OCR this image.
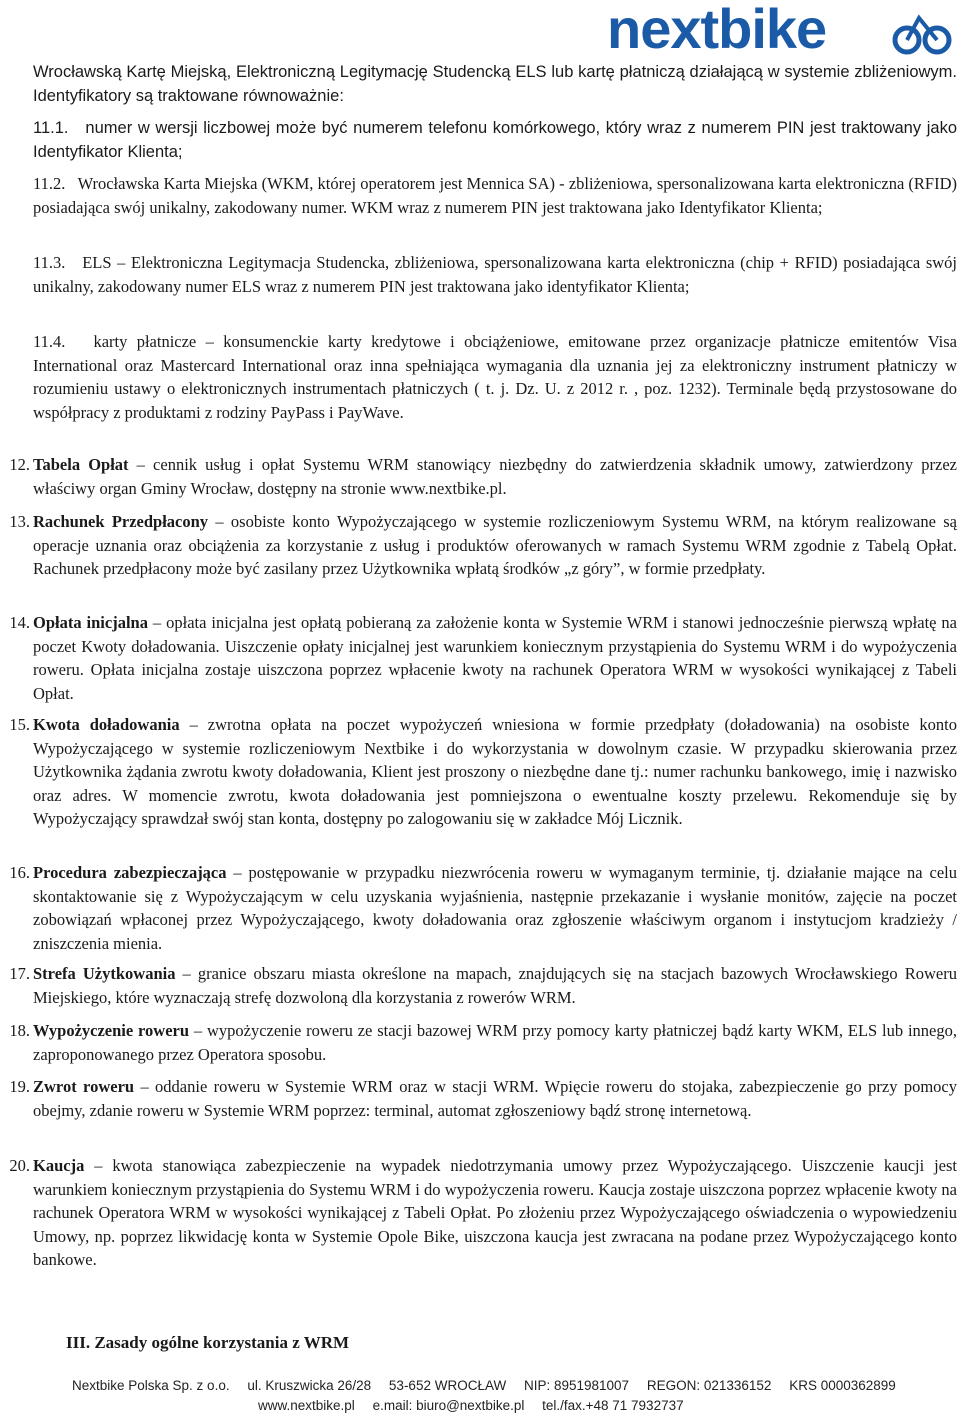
nextbike

Wrocławską Kartę Miejską, Elektroniczną Legitymację Studencką ELS lub kartę płatniczą działającą w systemie zbliżeniowym. Identyfikatory są traktowane równoważnie:

11.1. numer w wersji liczbowej może być numerem telefonu komórkowego, który wraz z numerem PIN jest traktowany jako Identyfikator Klienta;

11.2. Wrocławska Karta Miejska (WKM, której operatorem jest Mennica SA) - zbliżeniowa, spersonalizowana karta elektroniczna (RFID) posiadająca swój unikalny, zakodowany numer. WKM wraz z numerem PIN jest traktowana jako Identyfikator Klienta;

11.3. ELS – Elektroniczna Legitymacja Studencka, zbliżeniowa, spersonalizowana karta elektroniczna (chip + RFID) posiadająca swój unikalny, zakodowany numer ELS wraz z numerem PIN jest traktowana jako identyfikator Klienta;

11.4. karty płatnicze – konsumenckie karty kredytowe i obciążeniowe, emitowane przez organizacje płatnicze emitentów Visa International oraz Mastercard International oraz inna spełniająca wymagania dla uznania jej za elektroniczny instrument płatniczy w rozumieniu ustawy o elektronicznych instrumentach płatniczych ( t. j. Dz. U. z 2012 r. , poz. 1232). Terminale będą przystosowane do współpracy z produktami z rodziny PayPass i PayWave.

12. Tabela Opłat – cennik usług i opłat Systemu WRM stanowiący niezbędny do zatwierdzenia składnik umowy, zatwierdzony przez właściwy organ Gminy Wrocław, dostępny na stronie www.nextbike.pl.

13. Rachunek Przedpłacony – osobiste konto Wypożyczającego w systemie rozliczeniowym Systemu WRM, na którym realizowane są operacje uznania oraz obciążenia za korzystanie z usług i produktów oferowanych w ramach Systemu WRM zgodnie z Tabelą Opłat. Rachunek przedpłacony może być zasilany przez Użytkownika wpłatą środków „z góry”, w formie przedpłaty.

14. Opłata inicjalna – opłata inicjalna jest opłatą pobieraną za założenie konta w Systemie WRM i stanowi jednocześnie pierwszą wpłatę na poczet Kwoty doładowania. Uiszczenie opłaty inicjalnej jest warunkiem koniecznym przystąpienia do Systemu WRM i do wypożyczenia roweru. Opłata inicjalna zostaje uiszczona poprzez wpłacenie kwoty na rachunek Operatora WRM w wysokości wynikającej z Tabeli Opłat.

15. Kwota doładowania – zwrotna opłata na poczet wypożyczeń wniesiona w formie przedpłaty (doładowania) na osobiste konto Wypożyczającego w systemie rozliczeniowym Nextbike i do wykorzystania w dowolnym czasie. W przypadku skierowania przez Użytkownika żądania zwrotu kwoty doładowania, Klient jest proszony o niezbędne dane tj.: numer rachunku bankowego, imię i nazwisko oraz adres. W momencie zwrotu, kwota doładowania jest pomniejszona o ewentualne koszty przelewu. Rekomenduje się by Wypożyczający sprawdzał swój stan konta, dostępny po zalogowaniu się w zakładce Mój Licznik.

16. Procedura zabezpieczająca – postępowanie w przypadku niezwrócenia roweru w wymaganym terminie, tj. działanie mające na celu skontaktowanie się z Wypożyczającym w celu uzyskania wyjaśnienia, następnie przekazanie i wysłanie monitów, zajęcie na poczet zobowiązań wpłaconej przez Wypożyczającego, kwoty doładowania oraz zgłoszenie właściwym organom i instytucjom kradzieży / zniszczenia mienia.

17. Strefa Użytkowania – granice obszaru miasta określone na mapach, znajdujących się na stacjach bazowych Wrocławskiego Roweru Miejskiego, które wyznaczają strefę dozwoloną dla korzystania z rowerów WRM.

18. Wypożyczenie roweru – wypożyczenie roweru ze stacji bazowej WRM przy pomocy karty płatniczej bądź karty WKM, ELS lub innego, zaproponowanego przez Operatora sposobu.

19. Zwrot roweru – oddanie roweru w Systemie WRM oraz w stacji WRM. Wpięcie roweru do stojaka, zabezpieczenie go przy pomocy obejmy, zdanie roweru w Systemie WRM poprzez: terminal, automat zgłoszeniowy bądź stronę internetową.

20. Kaucja – kwota stanowiąca zabezpieczenie na wypadek niedotrzymania umowy przez Wypożyczającego. Uiszczenie kaucji jest warunkiem koniecznym przystąpienia do Systemu WRM i do wypożyczenia roweru. Kaucja zostaje uiszczona poprzez wpłacenie kwoty na rachunek Operatora WRM w wysokości wynikającej z Tabeli Opłat. Po złożeniu przez Wypożyczającego oświadczenia o wypowiedzeniu Umowy, np. poprzez likwidację konta w Systemie Opole Bike, uiszczona kaucja jest zwracana na podane przez Wypożyczającego konto bankowe.

III. Zasady ogólne korzystania z WRM
Nextbike Polska Sp. z o.o. ul. Kruszwicka 26/28 53-652 WROCŁAW NIP: 8951981007 REGON: 021336152 KRS 0000362899
www.nextbike.pl e.mail: biuro@nextbike.pl tel./fax.+48 71 7932737
